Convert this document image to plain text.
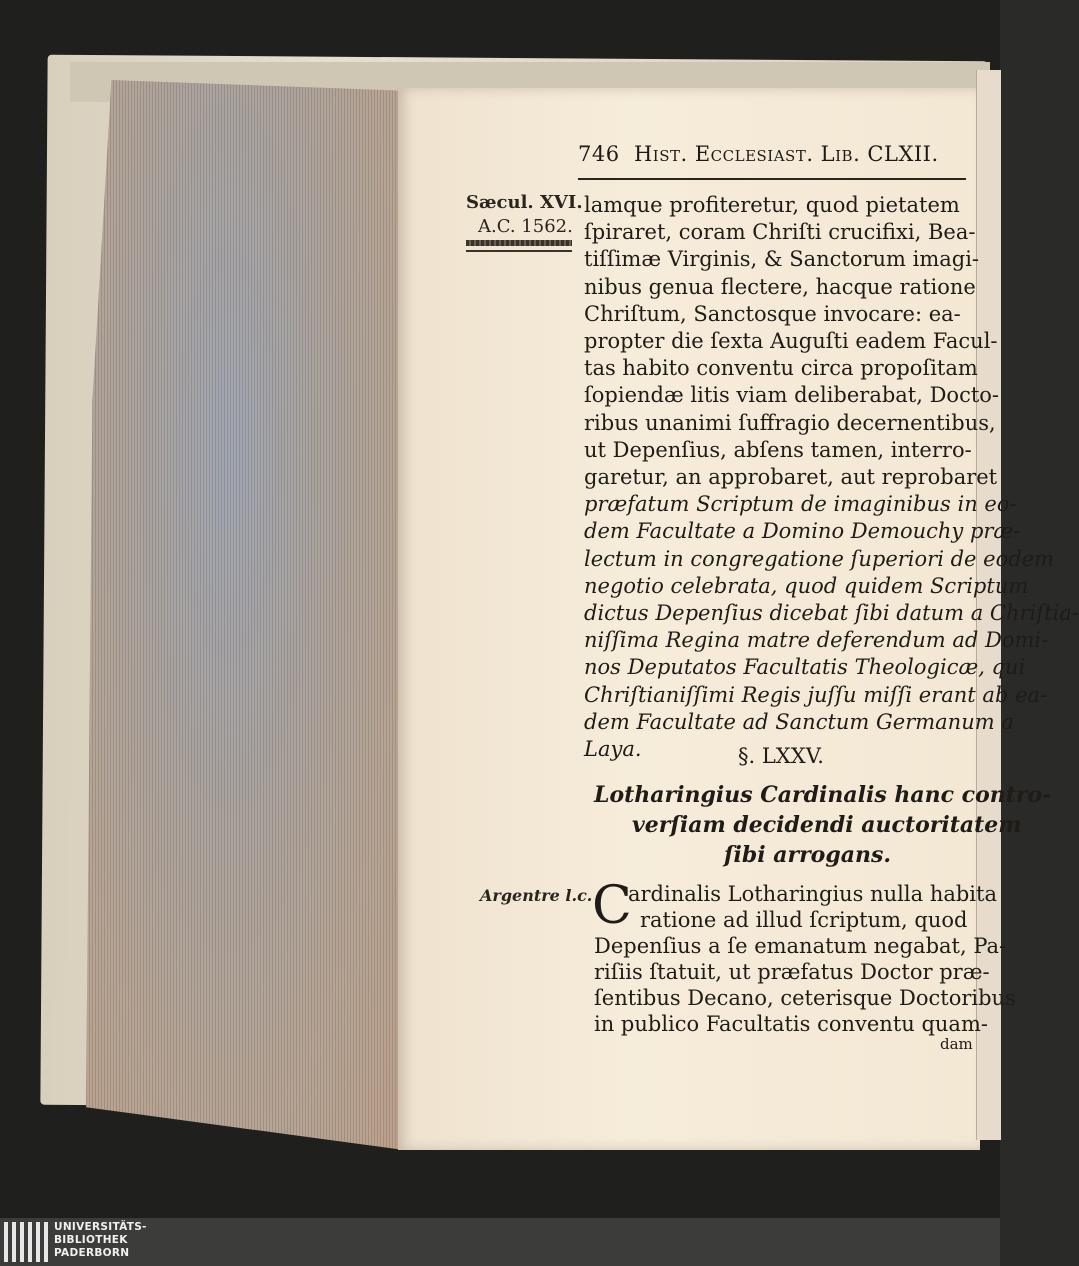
746 Hist. Ecclesiast. Lib. CLXII.
Sæcul. XVI.
A.C. 1562.
lamque profiteretur, quod pietatem
ſpiraret, coram Chriſti crucifixi, Bea-
tiſſimæ Virginis, & Sanctorum imagi-
nibus genua flectere, hacque ratione
Chriſtum, Sanctosque invocare: ea-
propter die ſexta Auguſti eadem Facul-
tas habito conventu circa propoſitam
ſopiendæ litis viam deliberabat, Docto-
ribus unanimi ſuffragio decernentibus,
ut Depenſius, abſens tamen, interro-
garetur, an approbaret, aut reprobaret
præfatum Scriptum de imaginibus in eo-
dem Facultate a Domino Demouchy præ-
lectum in congregatione ſuperiori de eodem
negotio celebrata, quod quidem Scriptum
dictus Depenſius dicebat ſibi datum a Chriſtia-
niſſima Regina matre deferendum ad Domi-
nos Deputatos Facultatis Theologicæ, qui
Chriſtianiſſimi Regis juſſu miſſi erant ab ea-
dem Facultate ad Sanctum Germanum a
Laya.	§. LXXV.
Lotharingius Cardinalis hanc contro-
verſiam decidendi auctoritatem
ſibi arrogans.
Argentre l.c. C
ardinalis Lotharingius nulla habita
ratione ad illud ſcriptum, quod
Depenſius a ſe emanatum negabat, Pa-
riſiis ſtatuit, ut præfatus Doctor præ-
ſentibus Decano, ceterisque Doctoribus
in publico Facultatis conventu quam-
dam
UNIVERSITÄTS-
BIBLIOTHEK
PADERBORN
